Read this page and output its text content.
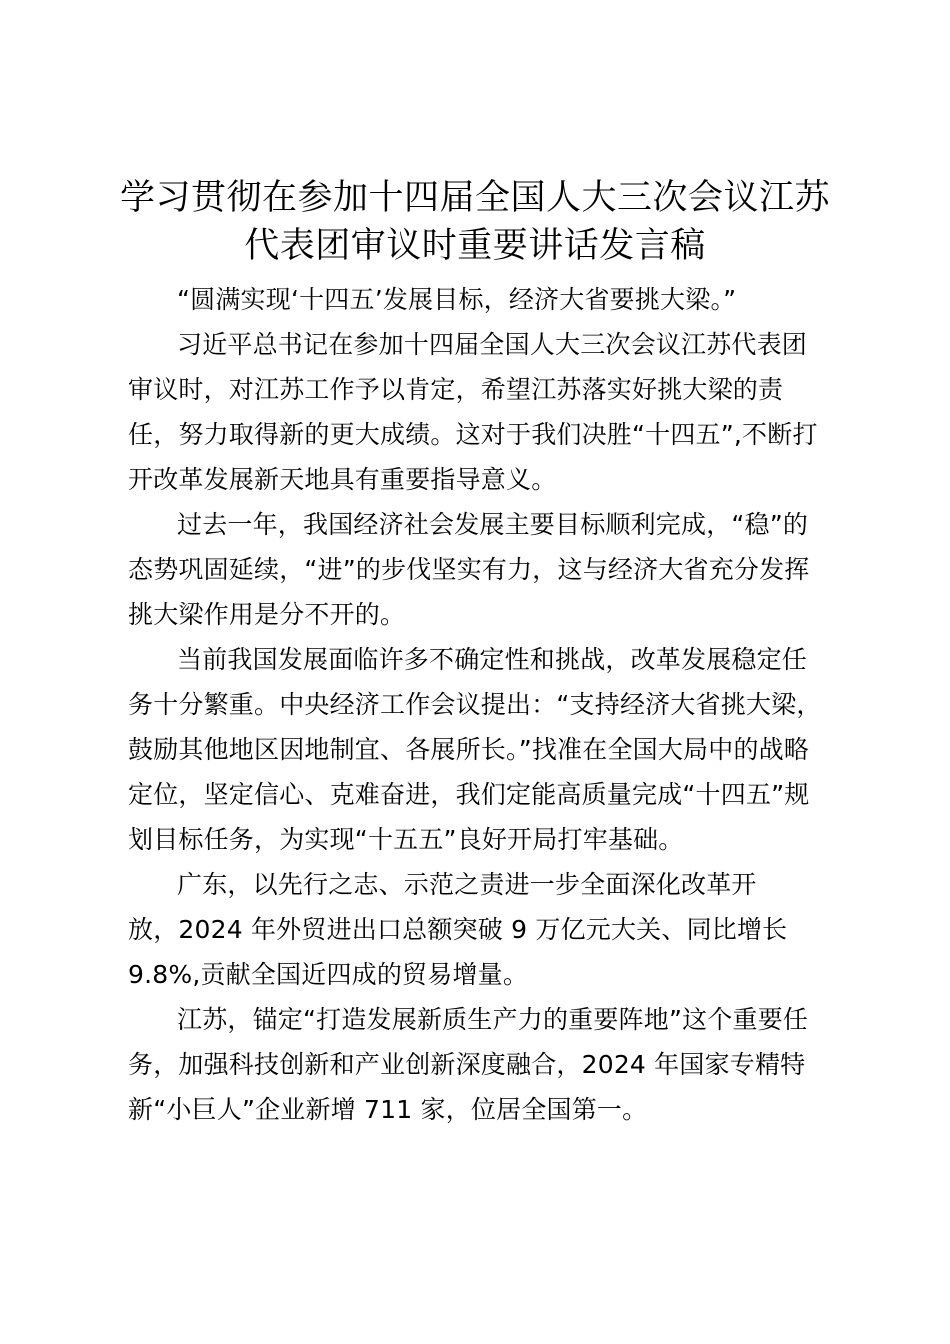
学习贯彻在参加十四届全国人大三次会议江苏
代表团审议时重要讲话发言稿
“圆满实现‘十四五’发展目标，经济大省要挑大梁。”
习近平总书记在参加十四届全国人大三次会议江苏代表团
审议时，对江苏工作予以肯定，希望江苏落实好挑大梁的责
任，努力取得新的更大成绩。这对于我们决胜“十四五”,不断打
开改革发展新天地具有重要指导意义。
过去一年，我国经济社会发展主要目标顺利完成，“稳”的
态势巩固延续，“进”的步伐坚实有力，这与经济大省充分发挥
挑大梁作用是分不开的。
当前我国发展面临许多不确定性和挑战，改革发展稳定任
务十分繁重。中央经济工作会议提出：“支持经济大省挑大梁，
鼓励其他地区因地制宜、各展所长。”找准在全国大局中的战略
定位，坚定信心、克难奋进，我们定能高质量完成“十四五”规
划目标任务，为实现“十五五”良好开局打牢基础。
广东，以先行之志、示范之责进一步全面深化改革开
放，2024 年外贸进出口总额突破 9 万亿元大关、同比增长
9.8%,贡献全国近四成的贸易增量。
江苏，锚定“打造发展新质生产力的重要阵地”这个重要任
务，加强科技创新和产业创新深度融合，2024 年国家专精特
新“小巨人”企业新增 711 家，位居全国第一。
